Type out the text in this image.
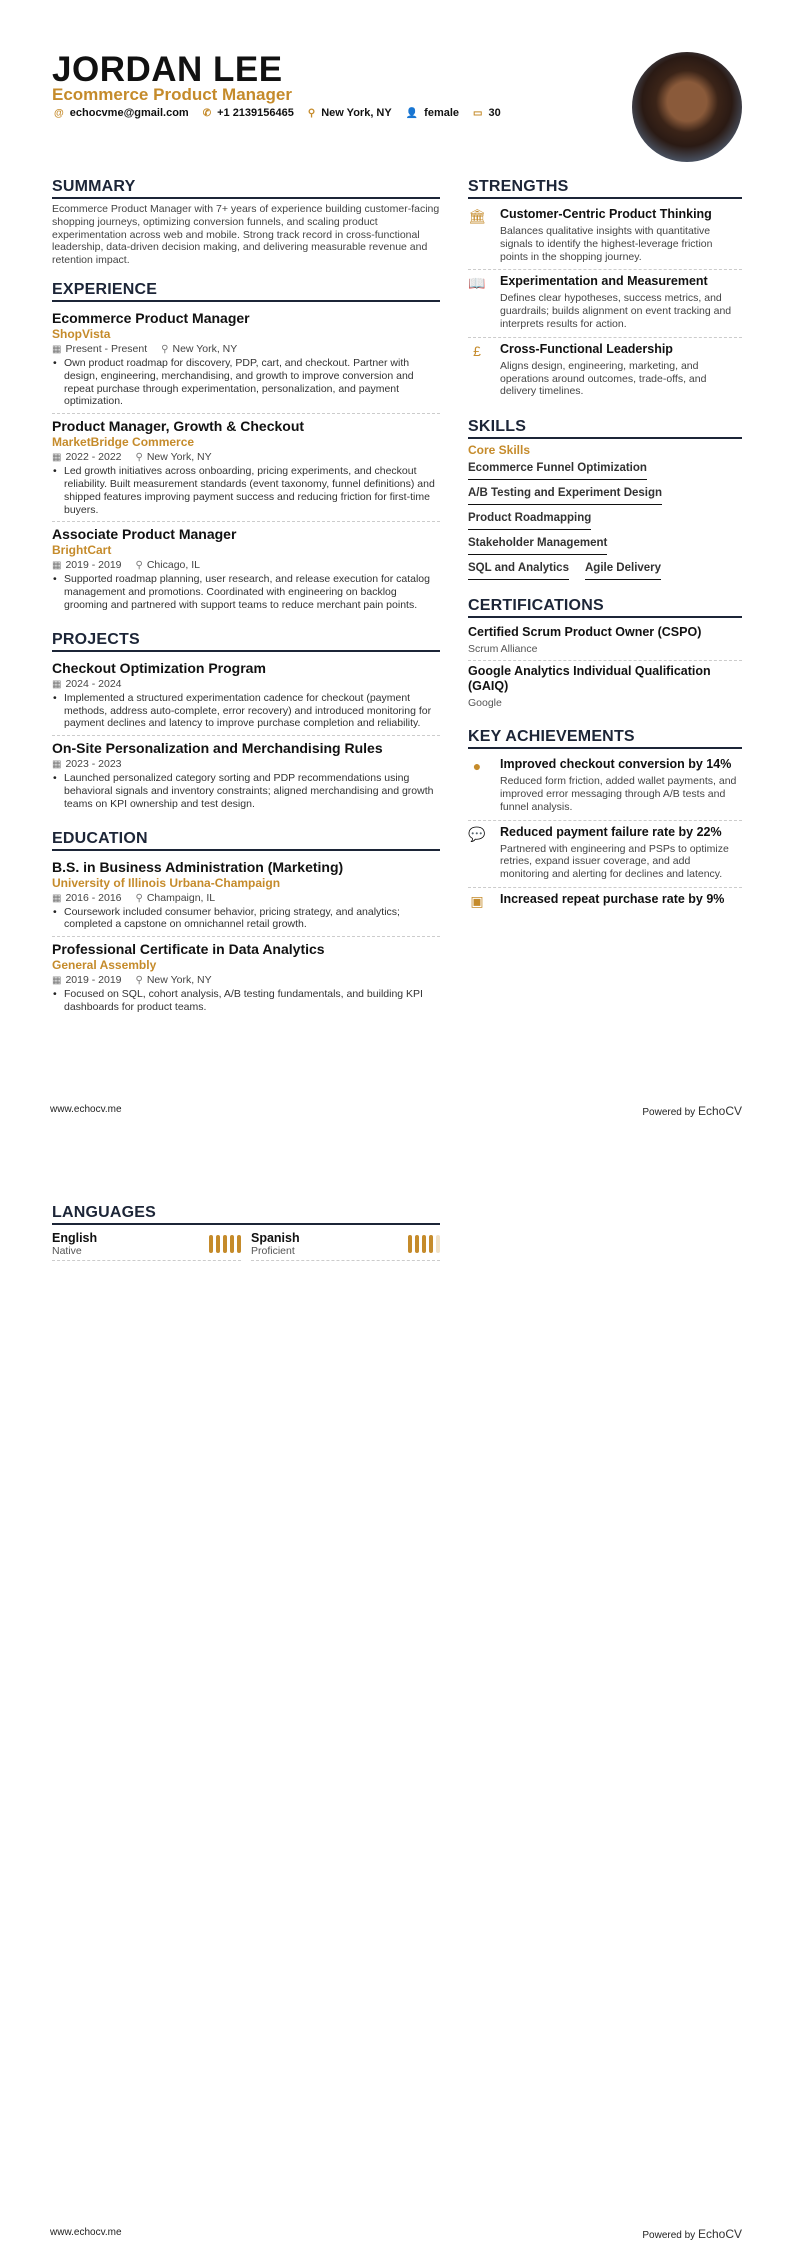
JORDAN LEE
Ecommerce Product Manager
@ echocvme@gmail.com ✆ +1 2139156465 ⚲ New York, NY 👤 female ▭ 30
SUMMARY
Ecommerce Product Manager with 7+ years of experience building customer-facing shopping journeys, optimizing conversion funnels, and scaling product experimentation across web and mobile. Strong track record in cross-functional leadership, data-driven decision making, and delivering measurable revenue and retention impact.
EXPERIENCE
Ecommerce Product Manager
ShopVista
▦ Present - Present ⚲ New York, NY
• Own product roadmap for discovery, PDP, cart, and checkout. Partner with design, engineering, merchandising, and growth to improve conversion and repeat purchase through experimentation, personalization, and payment optimization.
Product Manager, Growth & Checkout
MarketBridge Commerce
▦ 2022 - 2022 ⚲ New York, NY
• Led growth initiatives across onboarding, pricing experiments, and checkout reliability. Built measurement standards (event taxonomy, funnel definitions) and shipped features improving payment success and reducing friction for first-time buyers.
Associate Product Manager
BrightCart
▦ 2019 - 2019 ⚲ Chicago, IL
• Supported roadmap planning, user research, and release execution for catalog management and promotions. Coordinated with engineering on backlog grooming and partnered with support teams to reduce merchant pain points.
PROJECTS
Checkout Optimization Program
▦ 2024 - 2024
• Implemented a structured experimentation cadence for checkout (payment methods, address auto-complete, error recovery) and introduced monitoring for payment declines and latency to improve purchase completion and reliability.
On-Site Personalization and Merchandising Rules
▦ 2023 - 2023
• Launched personalized category sorting and PDP recommendations using behavioral signals and inventory constraints; aligned merchandising and growth teams on KPI ownership and test design.
EDUCATION
B.S. in Business Administration (Marketing)
University of Illinois Urbana-Champaign
▦ 2016 - 2016 ⚲ Champaign, IL
• Coursework included consumer behavior, pricing strategy, and analytics; completed a capstone on omnichannel retail growth.
Professional Certificate in Data Analytics
General Assembly
▦ 2019 - 2019 ⚲ New York, NY
• Focused on SQL, cohort analysis, A/B testing fundamentals, and building KPI dashboards for product teams.
STRENGTHS
🏛 Customer-Centric Product Thinking
Balances qualitative insights with quantitative signals to identify the highest-leverage friction points in the shopping journey.
📖 Experimentation and Measurement
Defines clear hypotheses, success metrics, and guardrails; builds alignment on event tracking and interprets results for action.
£	Cross-Functional Leadership
Aligns design, engineering, marketing, and operations around outcomes, trade-offs, and delivery timelines.
SKILLS
Core Skills
Ecommerce Funnel Optimization
A/B Testing and Experiment Design
Product Roadmapping
Stakeholder Management
SQL and Analytics Agile Delivery
CERTIFICATIONS
Certified Scrum Product Owner (CSPO)
Scrum Alliance
Google Analytics Individual Qualification (GAIQ)
Google
KEY ACHIEVEMENTS
●	Improved checkout conversion by 14%
Reduced form friction, added wallet payments, and improved error messaging through A/B tests and funnel analysis.
💬 Reduced payment failure rate by 22%
Partnered with engineering and PSPs to optimize retries, expand issuer coverage, and add monitoring and alerting for declines and latency.
▣ Increased repeat purchase rate by 9%
www.echocv.me	Powered by EchoCV
LANGUAGES
English
Native
Spanish
Proficient
www.echocv.me	Powered by EchoCV
